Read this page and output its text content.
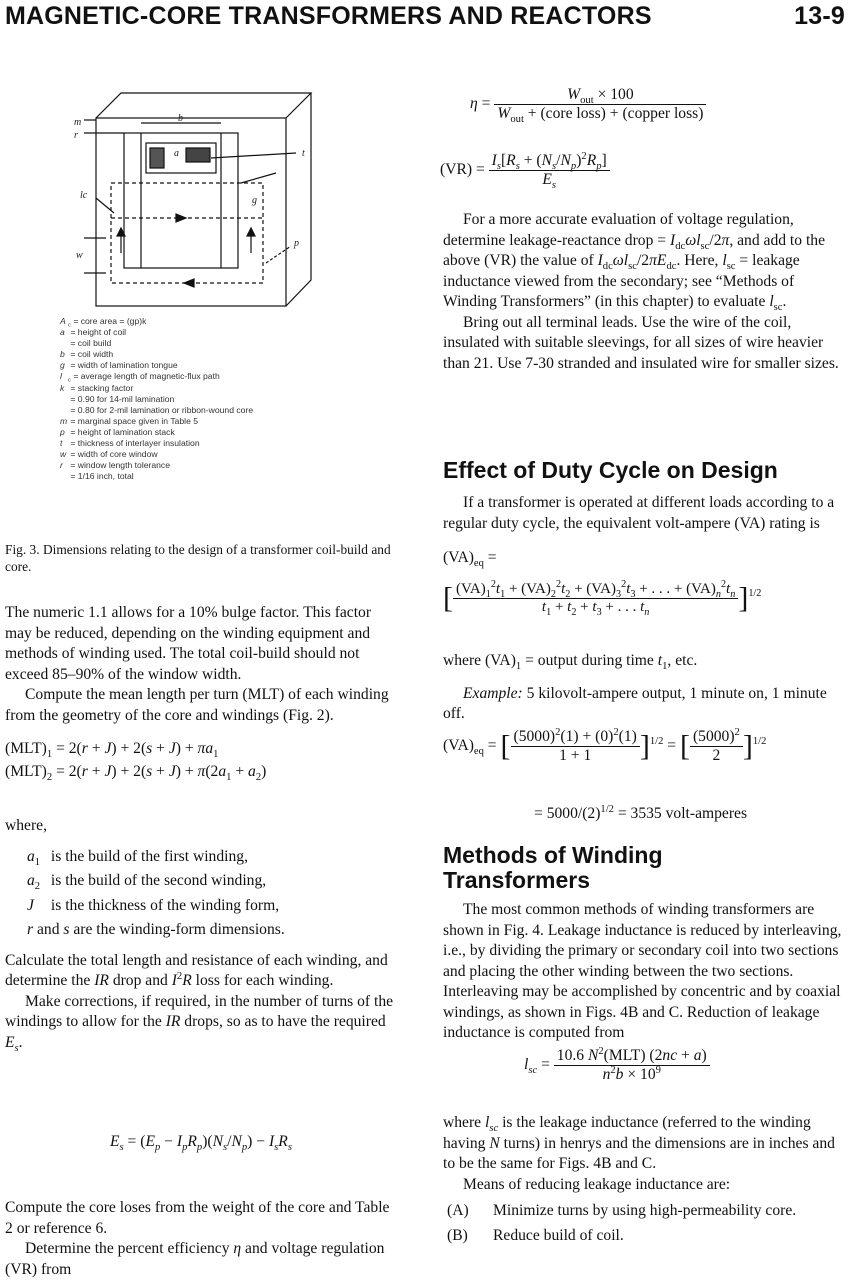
MAGNETIC-CORE TRANSFORMERS AND REACTORS	13-9
m
r
b
a	t
lc	g
p
w
A $_c$ = core area = (gp)k
a = height of coil
= coil build
b = coil width
g = width of lamination tongue
l $_c$ = average length of magnetic-flux path
k = stacking factor
= 0.90 for 14-mil lamination
= 0.80 for 2-mil lamination or ribbon-wound core
m = marginal space given in Table 5
p = height of lamination stack
t = thickness of interlayer insulation
w = width of core window
r = window length tolerance
= 1/16 inch, total
Fig. 3. Dimensions relating to the design of a transformer coil-build and core.

The numeric 1.1 allows for a 10% bulge factor. This factor may be reduced, depending on the winding equipment and methods of winding used. The total coil-build should not exceed 85–90% of the window width.

Compute the mean length per turn (MLT) of each winding from the geometry of the core and windings (Fig. 2).

$(MLT)_1 = 2(r + J) + 2(s + J) + \pi a_1$
$(MLT)_2 = 2(r + J) + 2(s + J) + \pi(2a_1 + a_2)$

where,

$a_1$ is the build of the first winding,
$a_2$ is the build of the second winding,
J is the thickness of the winding form,
r and s are the winding-form dimensions.

Calculate the total length and resistance of each winding, and determine the IR drop and $I^2R$ loss for each winding.

Make corrections, if required, in the number of turns of the windings to allow for the IR drops, so as to have the required $E_s$.

$E_s = (E_p - I_pR_p)(N_s/N_p) - I_sR_s$

Compute the core loses from the weight of the core and Table 2 or reference 6.

Determine the percent efficiency η and voltage regulation (VR) from

$\eta = \frac{W_{out} \times 100}{W_{out} + (core loss) + (copper loss)}$
$(VR) = \frac{I_s[R_s + (N_s/N_p)^2R_p]}{E_s}$

For a more accurate evaluation of voltage regulation, determine leakage-reactance drop = $I_{dc}\omega l_{sc}/2\pi$, and add to the above (VR) the value of $I_{dc}\omega l_{sc}/2\pi E_{dc}$. Here, $l_{sc}$ = leakage inductance viewed from the secondary; see “Methods of Winding Transformers” (in this chapter) to evaluate $l_{sc}$.

Bring out all terminal leads. Use the wire of the coil, insulated with suitable sleevings, for all sizes of wire heavier than 21. Use 7-30 stranded and insulated wire for smaller sizes.

Effect of Duty Cycle on Design

If a transformer is operated at different loads according to a regular duty cycle, the equivalent volt-ampere (VA) rating is

$(VA)_{eq}$ =
[ $\frac{(VA)_1^2t_1 + (VA)_2^2t_2 + (VA)_3^2t_3 + . . . + (VA)_n^2t_n}{t_1 + t_2 + t_3 + . . . t_n} ]^{1/2}$

where $(VA)_1$ = output during time $t_1$, etc.

Example: 5 kilovolt-ampere output, 1 minute on, 1 minute off.

$(VA)_{eq}$ = [ $\frac{(5000)^2(1) + (0)^2(1)}{1 + 1} ]^{1/2}$ = [ $\frac{(5000)^2}{2} ]^{1/2}$
= $5000/(2)^{1/2} = 3535$ volt-amperes
Methods of Winding
Transformers

The most common methods of winding transformers are shown in Fig. 4. Leakage inductance is reduced by interleaving, i.e., by dividing the primary or secondary coil into two sections and placing the other winding between the two sections. Interleaving may be accomplished by concentric and by coaxial windings, as shown in Figs. 4B and C. Reduction of leakage inductance is computed from

$l_{sc} = \frac{10.6 N^2(MLT) (2nc + a)}{n^2b \times 10^9}$

where $l_{sc}$ is the leakage inductance (referred to the winding having N turns) in henrys and the dimensions are in inches and to be the same for Figs. 4B and C.

Means of reducing leakage inductance are:

(A) Minimize turns by using high-permeability core.
(B) Reduce build of coil.
